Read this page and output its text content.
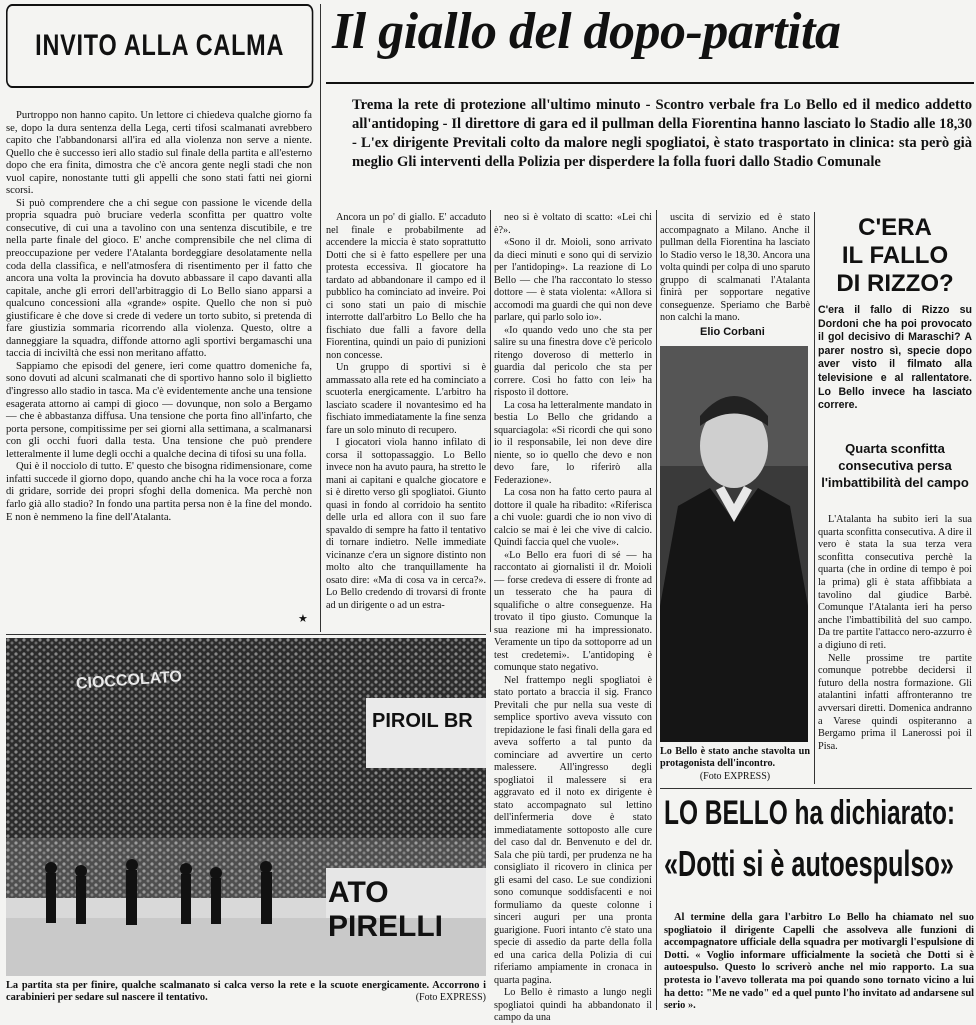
INVITO ALLA CALMA

Purtroppo non hanno capito. Un lettore ci chiedeva qualche giorno fa se, dopo la dura sentenza della Lega, certi tifosi scalmanati avrebbero capito che l'abbandonarsi all'ira ed alla violenza non serve a niente. Quello che è successo ieri allo stadio sul finale della partita e all'esterno dopo che era finita, dimostra che c'è ancora gente negli stadi che non vuol capire, nonostante tutti gli appelli che sono stati fatti nei giorni scorsi.

Si può comprendere che a chi segue con passione le vicende della propria squadra può bruciare vederla sconfitta per quattro volte consecutive, di cui una a tavolino con una sentenza discutibile, e tre nella parte finale del gioco. E' anche comprensibile che nel clima di preoccupazione per vedere l'Atalanta bordeggiare desolatamente nella coda della classifica, e nell'atmosfera di risentimento per il fatto che ancora una volta la provincia ha dovuto abbassare il capo davanti alla capitale, anche gli errori dell'arbitraggio di Lo Bello siano apparsi a qualcuno concessioni alla «grande» ospite. Quello che non si può giustificare è che dove si crede di vedere un torto subito, si pretenda di fare giustizia sommaria ricorrendo alla violenza. Questo, oltre a danneggiare la squadra, diffonde attorno agli sportivi bergamaschi una taccia di inciviltà che essi non meritano affatto.

Sappiamo che episodi del genere, ieri come quattro domeniche fa, sono dovuti ad alcuni scalmanati che di sportivo hanno solo il biglietto d'ingresso allo stadio in tasca. Ma c'è evidentemente anche una tensione esagerata attorno ai campi di gioco — dovunque, non solo a Bergamo — che è abbastanza diffusa. Una tensione che porta fino all'infarto, che porta persone, compitissime per sei giorni alla settimana, a scalmanarsi con gli occhi fuori dalla testa. Una tensione che può prendere letteralmente il lume degli occhi a qualche decina di tifosi su una folla.

Qui è il nocciolo di tutto. E' questo che bisogna ridimensionare, come infatti succede il giorno dopo, quando anche chi ha la voce roca a forza di gridare, sorride dei propri sfoghi della domenica. Ma perchè non farlo già allo stadio? In fondo una partita persa non è la fine del mondo. E non è nemmeno la fine dell'Atalanta.

★
Il giallo del dopo-partita
Trema la rete di protezione all'ultimo minuto - Scontro verbale fra Lo Bello ed il medico addetto all'antidoping - Il direttore di gara ed il pullman della Fiorentina hanno lasciato lo Stadio alle 18,30 - L'ex dirigente Previtali colto da malore negli spogliatoi, è stato trasportato in clinica: sta però già meglio Gli interventi della Polizia per disperdere la folla fuori dallo Stadio Comunale

Ancora un po' di giallo. E' accaduto nel finale e probabilmente ad accendere la miccia è stato soprattutto Dotti che si è fatto espellere per una protesta eccessiva. Il giocatore ha tardato ad abbandonare il campo ed il pubblico ha cominciato ad inveire. Poi ci sono stati un paio di mischie interrotte dall'arbitro Lo Bello che ha fischiato due falli a favore della Fiorentina, quindi un paio di punizioni non concesse.

Un gruppo di sportivi si è ammassato alla rete ed ha cominciato a scuoterla energicamente. L'arbitro ha lasciato scadere il novantesimo ed ha fischiato immediatamente la fine senza fare un solo minuto di recupero.

I giocatori viola hanno infilato di corsa il sottopassaggio. Lo Bello invece non ha avuto paura, ha stretto le mani ai capitani e qualche giocatore e si è diretto verso gli spogliatoi. Giunto quasi in fondo al corridoio ha sentito delle urla ed allora con il suo fare spavaldo di sempre ha fatto il tentativo di tornare indietro. Nelle immediate vicinanze c'era un signore distinto non molto alto che tranquillamente ha osato dire: «Ma di cosa va in cerca?». Lo Bello credendo di trovarsi di fronte ad un dirigente o ad un estra-

neo si è voltato di scatto: «Lei chi è?».

«Sono il dr. Moioli, sono arrivato da dieci minuti e sono qui di servizio per l'antidoping». La reazione di Lo Bello — che l'ha raccontato lo stesso dottore — è stata violenta: «Allora si accomodi ma guardi che qui non deve parlare, qui parlo solo io».

«Io quando vedo uno che sta per salire su una finestra dove c'è pericolo ritengo doveroso di metterlo in guardia dal pericolo che sta per correre. Così ho fatto con lei» ha risposto il dottore.

La cosa ha letteralmente mandato in bestia Lo Bello che gridando a squarciagola: «Si ricordi che qui sono io il responsabile, lei non deve dire niente, so io quello che devo e non devo fare, lo riferirò alla Federazione».

La cosa non ha fatto certo paura al dottore il quale ha ribadito: «Riferisca a chi vuole: guardi che io non vivo di calcio se mai è lei che vive di calcio. Quindi faccia quel che vuole».

«Lo Bello era fuori di sé — ha raccontato ai giornalisti il dr. Moioli — forse credeva di essere di fronte ad un tesserato che ha paura di squalifiche o altre conseguenze. Ha trovato il tipo giusto. Comunque la sua reazione mi ha impressionato. Veramente un tipo da sottoporre ad un test credetemi». L'antidoping è comunque stato negativo.

Nel frattempo negli spogliatoi è stato portato a braccia il sig. Franco Previtali che pur nella sua veste di semplice sportivo aveva vissuto con trepidazione le fasi finali della gara ed aveva sofferto a tal punto da cominciare ad avvertire un certo malessere. All'ingresso degli spogliatoi il malessere si era aggravato ed il noto ex dirigente è stato accompagnato sul lettino dell'infermeria dove è stato immediatamente sottoposto alle cure del caso dal dr. Benvenuto e del dr. Sala che più tardi, per prudenza ne ha consigliato il ricovero in clinica per gli esami del caso. Le sue condizioni sono comunque soddisfacenti e noi formuliamo da queste colonne i sinceri auguri per una pronta guarigione. Fuori intanto c'è stato una specie di assedio da parte della folla ed una carica della Polizia di cui riferiamo ampiamente in cronaca in quarta pagina.

Lo Bello è rimasto a lungo negli spogliatoi quindi ha abbandonato il campo da una

uscita di servizio ed è stato accompagnato a Milano. Anche il pullman della Fiorentina ha lasciato lo Stadio verso le 18,30. Ancora una volta quindi per colpa di uno sparuto gruppo di scalmanati l'Atalanta finirà per sopportare negative conseguenze. Speriamo che Barbè non calchi la mano.

Elio Corbani
Lo Bello è stato anche stavolta un protagonista dell'incontro.
(Foto EXPRESS)
C'ERA
IL FALLO
DI RIZZO?
C'era il fallo di Rizzo su Dordoni che ha poi provocato il gol decisivo di Maraschi? A parer nostro sì, specie dopo aver visto il filmato alla televisione e al rallentatore. Lo Bello invece ha lasciato correre.
Quarta sconfitta consecutiva persa l'imbattibilità del campo

L'Atalanta ha subito ieri la sua quarta sconfitta consecutiva. A dire il vero è stata la sua terza vera sconfitta consecutiva perchè la quarta (che in ordine di tempo è poi la prima) gli è stata affibbiata a tavolino dal giudice Barbè. Comunque l'Atalanta ieri ha perso anche l'imbattibilità del suo campo. Da tre partite l'attacco nero-azzurro è a digiuno di reti.

Nelle prossime tre partite comunque potrebbe decidersi il futuro della nostra formazione. Gli atalantini infatti affronteranno tre avversari diretti. Domenica andranno a Varese quindi ospiteranno a Bergamo prima il Lanerossi poi il Pisa.

CIOCCOLATO
PIROIL BR
ATO PIRELLI
La partita sta per finire, qualche scalmanato si calca verso la rete e la scuote energicamente. Accorrono i carabinieri per sedare sul nascere il tentativo.	(Foto EXPRESS)
LO BELLO ha dichiarato:
«Dotti si è autoespulso»
Al termine della gara l'arbitro Lo Bello ha chiamato nel suo spogliatoio il dirigente Capelli che assolveva alle funzioni di accompagnatore ufficiale della squadra per motivargli l'espulsione di Dotti. « Voglio informare ufficialmente la società che Dotti si è autoespulso. Questo lo scriverò anche nel mio rapporto. La sua protesta io l'avevo tollerata ma poi quando sono tornato vicino a lui ha detto: "Me ne vado" ed a quel punto l'ho invitato ad andarsene sul serio ».
